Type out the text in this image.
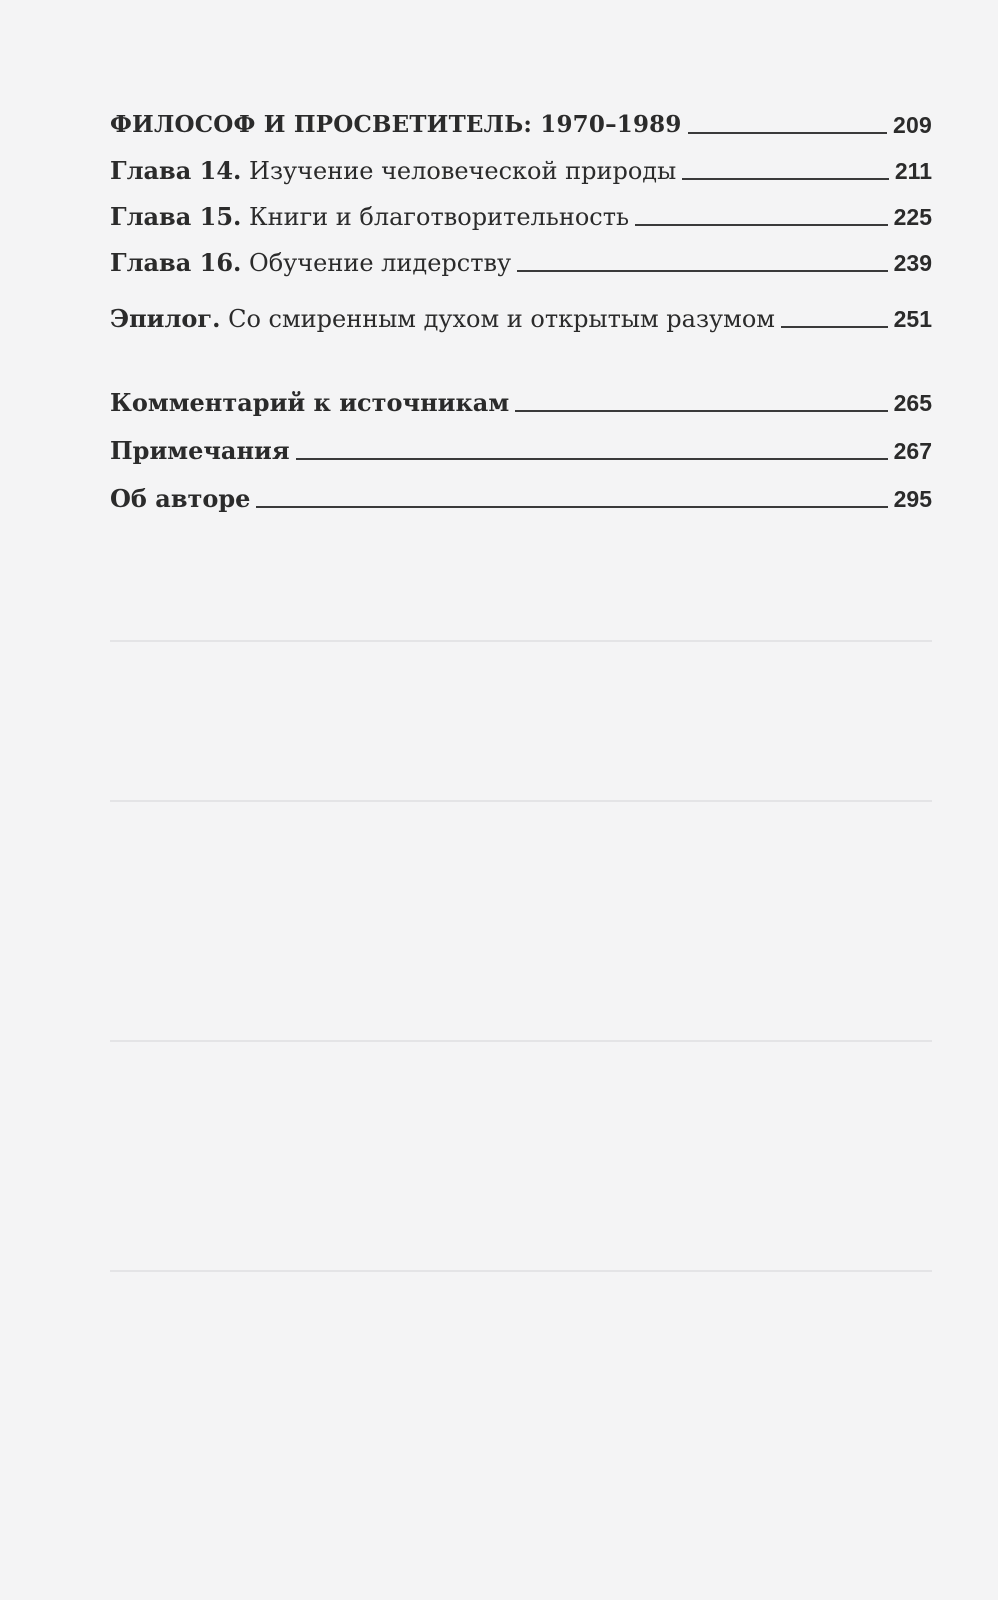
ФИЛОСОФ И ПРОСВЕТИТЕЛЬ: 1970–1989	209
Глава 14. Изучение человеческой природы	211
Глава 15. Книги и благотворительность	225
Глава 16. Обучение лидерству	239
Эпилог. Со смиренным духом и открытым разумом	251
Комментарий к источникам	265
Примечания	267
Об авторе	295
